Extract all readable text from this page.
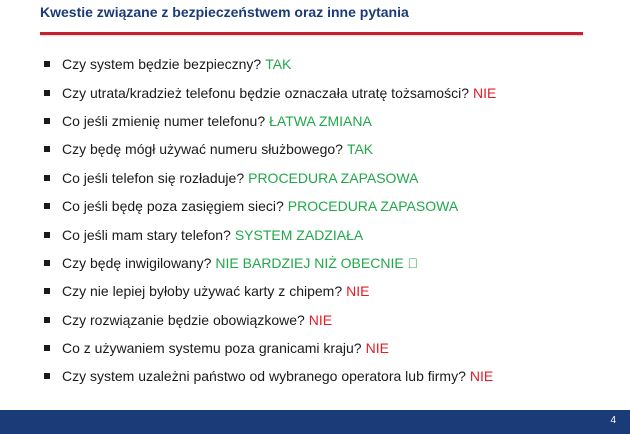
Kwestie związane z bezpieczeństwem oraz inne pytania
Czy system będzie bezpieczny? TAK
Czy utrata/kradzież telefonu będzie oznaczała utratę tożsamości? NIE
Co jeśli zmienię numer telefonu? ŁATWA ZMIANA
Czy będę mógł używać numeru służbowego? TAK
Co jeśli telefon się rozładuje? PROCEDURA ZAPASOWA
Co jeśli będę poza zasięgiem sieci? PROCEDURA ZAPASOWA
Co jeśli mam stary telefon? SYSTEM ZADZIAŁA
Czy będę inwigilowany? NIE BARDZIEJ NIŻ OBECNIE
Czy nie lepiej byłoby używać karty z chipem? NIE
Czy rozwiązanie będzie obowiązkowe? NIE
Co z używaniem systemu poza granicami kraju? NIE
Czy system uzależni państwo od wybranego operatora lub firmy? NIE
4
